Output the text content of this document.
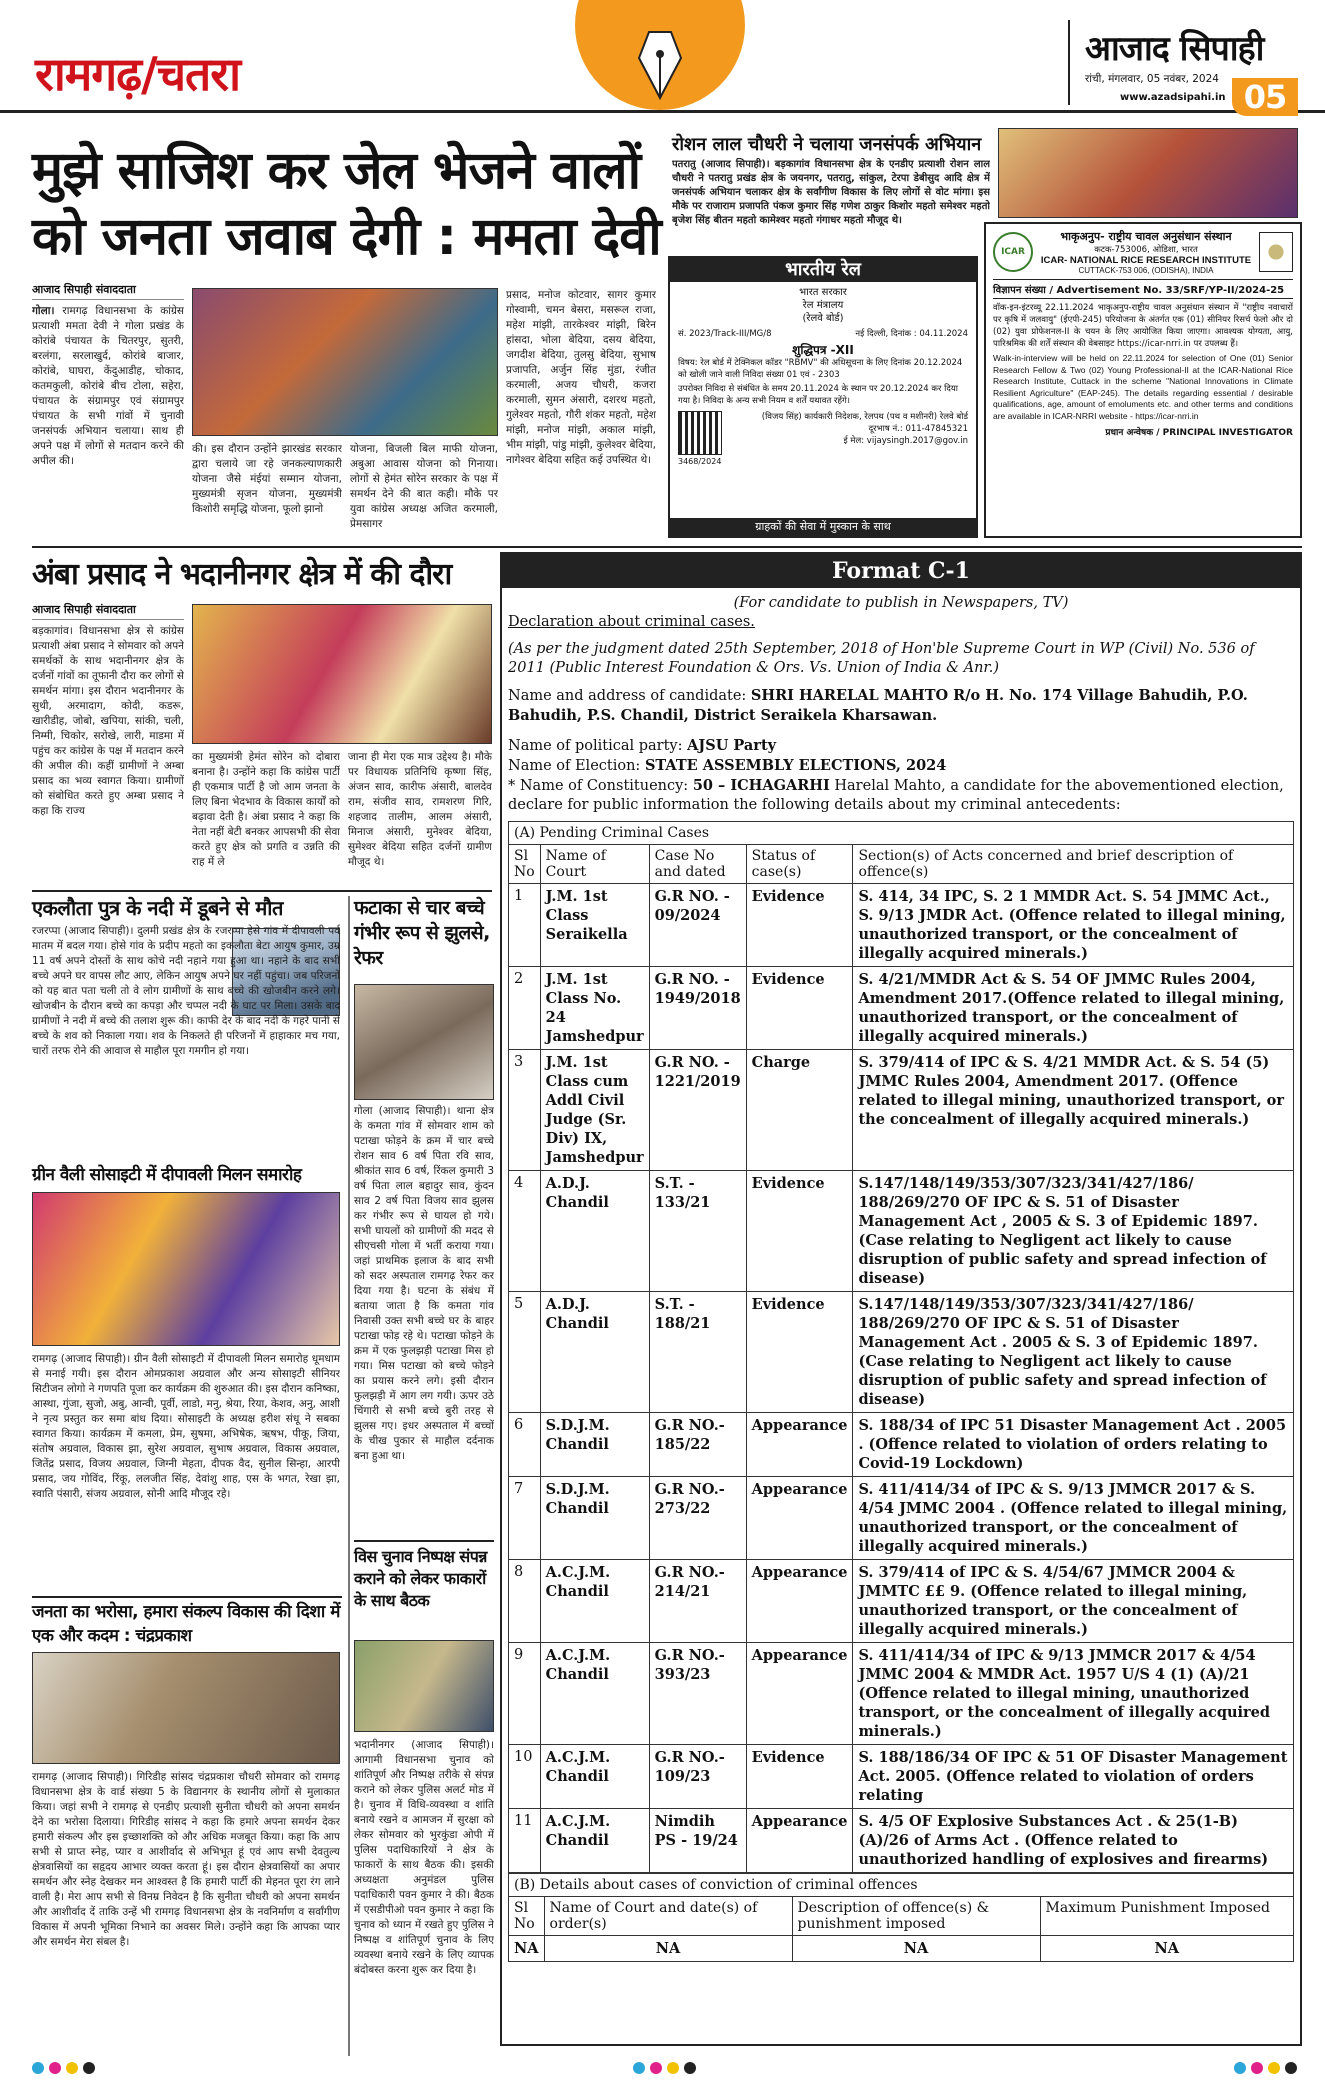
रामगढ़/चतरा	आजाद सिपाही
रांची, मंगलवार, 05 नवंबर, 2024
www.azadsipahi.in 05
मुझे साजिश कर जेल भेजने वालों को जनता जवाब देगी : ममता देवी
आजाद सिपाही संवाददाता
गोला। रामगढ़ विधानसभा के कांग्रेस प्रत्याशी ममता देवी ने गोला प्रखंड के कोरांबे पंचायत के चितरपुर, सुतरी, बरलंगा, सरलाखुर्द, कोरांबे बाजार, कोरांबे, घाघरा, केंदुआडीह, चोकाद, कतमकुली, कोरांबे बीच टोला, सहेरा, पंचायत के संग्रामपुर एवं संग्रामपुर पंचायत के सभी गांवों में चुनावी जनसंपर्क अभियान चलाया। साथ ही अपने पक्ष में लोगों से मतदान करने की अपील की।
की। इस दौरान उन्होंने झारखंड सरकार द्वारा चलाये जा रहे जनकल्याणकारी योजना जैसे मंईयां सम्मान योजना, मुख्यमंत्री सृजन योजना, मुख्यमंत्री किशोरी समृद्धि योजना, फूलो झानो
योजना, बिजली बिल माफी योजना, अबुआ आवास योजना को गिनाया। लोगों से हेमंत सोरेन सरकार के पक्ष में समर्थन देने की बात कही। मौके पर युवा कांग्रेस अध्यक्ष अजित करमाली, प्रेमसागर
प्रसाद, मनोज कोटवार, सागर कुमार गोस्वामी, चमन बेसरा, मसरूल राजा, महेश मांझी, तारकेश्वर मांझी, बिरेन हांसदा, भोला बेदिया, दसय बेदिया, जगदीश बेदिया, तुलसु बेदिया, सुभाष प्रजापति, अर्जुन सिंह मुंडा, रंजीत करमाली, अजय चौधरी, कजरा करमाली, सुमन अंसारी, दशरथ महतो, गुलेश्वर महतो, गौरी शंकर महतो, महेश मांझी, मनोज मांझी, अकाल मांझी, भीम मांझी, पांडु मांझी, कुलेश्वर बेदिया, नागेश्वर बेदिया सहित कई उपस्थित थे।
रोशन लाल चौधरी ने चलाया जनसंपर्क अभियान
पतरातु (आजाद सिपाही)। बड़कागांव विधानसभा क्षेत्र के एनडीए प्रत्याशी रोशन लाल चौधरी ने पतरातु प्रखंड क्षेत्र के जयनगर, पतरातु, सांकुल, टेरपा डेबीसुद आदि क्षेत्र में जनसंपर्क अभियान चलाकर क्षेत्र के सर्वांगीण विकास के लिए लोगों से वोट मांगा। इस मौके पर राजाराम प्रजापति पंकज कुमार सिंह गणेश ठाकुर किशोर महतो समेश्वर महतो बृजेश सिंह बीतन महतो कामेश्वर महतो गंगाधर महतो मौजूद थे।
भारतीय रेल
भारत सरकार
रेल मंत्रालय
(रेलवे बोर्ड)
सं. 2023/Track-III/MG/8	नई दिल्ली, दिनांक : 04.11.2024
शुद्धिपत्र -XII
विषय: रेल बोर्ड में टेक्निकल कॉडर "RBMV" की अधिसूचना के लिए दिनांक 20.12.2024 को खोली जाने वाली निविदा संख्या 01 एवं - 2303
उपरोक्त निविदा से संबंधित के समय 20.11.2024 के स्थान पर 20.12.2024 कर दिया गया है। निविदा के अन्य सभी नियम व शर्तें यथावत रहेंगे।
(विजय सिंह) कार्यकारी निदेशक, रेलपथ (पथ व मशीनरी) रेलवे बोर्ड
दूरभाष नं.: 011-47845321
ई मेल: vijaysingh.2017@gov.in
3468/2024
ग्राहकों की सेवा में मुस्कान के साथ
ICAR
भाकृअनुप- राष्ट्रीय चावल अनुसंधान संस्थान
कटक-753006, ओडिशा, भारत
ICAR- NATIONAL RICE RESEARCH INSTITUTE
CUTTACK-753 006, (ODISHA), INDIA
विज्ञापन संख्या / Advertisement No. 33/SRF/YP-II/2024-25
वॉक-इन-इंटरव्यू 22.11.2024 भाकृअनुप-राष्ट्रीय चावल अनुसंधान संस्थान में "राष्ट्रीय नवाचारों पर कृषि में जलवायु" (ईएपी-245) परियोजना के अंतर्गत एक (01) सीनियर रिसर्च फेलो और दो (02) युवा प्रोफेशनल-II के चयन के लिए आयोजित किया जाएगा। आवश्यक योग्यता, आयु, पारिश्रमिक की शर्तें संस्थान की वेबसाइट https://icar-nrri.in पर उपलब्ध हैं।
Walk-in-interview will be held on 22.11.2024 for selection of One (01) Senior Research Fellow & Two (02) Young Professional-II at the ICAR-National Rice Research Institute, Cuttack in the scheme "National Innovations in Climate Resilient Agriculture" (EAP-245). The details regarding essential / desirable qualifications, age, amount of emoluments etc. and other terms and conditions are available in ICAR-NRRI website - https://icar-nrri.in
प्रधान अन्वेषक / PRINCIPAL INVESTIGATOR
अंबा प्रसाद ने भदानीनगर क्षेत्र में की दौरा
आजाद सिपाही संवाददाता
बड़कागांव। विधानसभा क्षेत्र से कांग्रेस प्रत्याशी अंबा प्रसाद ने सोमवार को अपने समर्थकों के साथ भदानीनगर क्षेत्र के दर्जनों गांवों का तूफानी दौरा कर लोगों से समर्थन मांगा। इस दौरान भदानीनगर के सुथी, अरमादाग, कोदी, कडरू, खारीडीह, जोबो, खपिया, सांकी, चली, निम्मी, चिकोर, सरोखे, लारी, माडमा में पहुंच कर कांग्रेस के पक्ष में मतदान करने की अपील की। कहीं ग्रामीणों ने अम्बा प्रसाद का भव्य स्वागत किया। ग्रामीणों को संबोधित करते हुए अम्बा प्रसाद ने कहा कि राज्य
का मुख्यमंत्री हेमंत सोरेन को दोबारा बनाना है। उन्होंने कहा कि कांग्रेस पार्टी ही एकमात्र पार्टी है जो आम जनता के लिए बिना भेदभाव के विकास कार्यों को बढ़ावा देती है। अंबा प्रसाद ने कहा कि नेता नहीं बेटी बनकर आपसभी की सेवा करते हुए क्षेत्र को प्रगति व उन्नति की राह में ले
जाना ही मेरा एक मात्र उद्देश्य है। मौके पर विधायक प्रतिनिधि कृष्णा सिंह, अंजन साव, कारीफ अंसारी, बालदेव राम, संजीव साव, रामशरण गिरि, शहजाद तालीम, आलम अंसारी, मिनाज अंसारी, मुनेश्वर बेदिया, सुमेश्वर बेदिया सहित दर्जनों ग्रामीण मौजूद थे।
एकलौता पुत्र के नदी में डूबने से मौत
रजरप्पा (आजाद सिपाही)। दुलमी प्रखंड क्षेत्र के रजरप्पा हेसे गांव में दीपावली पर्व मातम में बदल गया। होसे गांव के प्रदीप महतो का इकलौता बेटा आयुष कुमार, उम्र 11 वर्ष अपने दोस्तों के साथ कोचे नदी नहाने गया हुआ था। नहाने के बाद सभी बच्चे अपने घर वापस लौट आए, लेकिन आयुष अपने घर नहीं पहुंचा। जब परिजनों को यह बात पता चली तो वे लोग ग्रामीणों के साथ बच्चे की खोजबीन करने लगे। खोजबीन के दौरान बच्चे का कपड़ा और चप्पल नदी के घाट पर मिला। उसके बाद ग्रामीणों ने नदी में बच्चे की तलाश शुरू की। काफी देर के बाद नदी के गहरे पानी से बच्चे के शव को निकाला गया। शव के निकलते ही परिजनों में हाहाकार मच गया, चारों तरफ रोने की आवाज से माहौल पूरा गमगीन हो गया।
ग्रीन वैली सोसाइटी में दीपावली मिलन समारोह
रामगढ़ (आजाद सिपाही)। ग्रीन वैली सोसाइटी में दीपावली मिलन समारोह धूमधाम से मनाई गयी। इस दौरान ओमप्रकाश अग्रवाल और अन्य सोसाइटी सीनियर सिटीजन लोगो ने गणपति पूजा कर कार्यक्रम की शुरुआत की। इस दौरान कनिष्का, आस्था, गुंजा, सुजो, अबु, आन्वी, पूर्वी, लाडो, मनु, श्रेया, रिया, केशव, अनु, आशी ने नृत्य प्रस्तुत कर समा बांध दिया। सोसाइटी के अध्यक्ष हरीश संधू ने सबका स्वागत किया। कार्यक्रम में कमला, प्रेम, सुषमा, अभिषेक, ऋषभ, पीकू, जिया, संतोष अग्रवाल, विकास झा, सुरेश अग्रवाल, सुभाष अग्रवाल, विकास अग्रवाल, जितेंद्र प्रसाद, विजय अग्रवाल, जिग्नी मेहता, दीपक वैद, सुनील सिन्हा, आरपी प्रसाद, जय गोविंद, रिंकू, ललजीत सिंह, देवांशु शाह, एस के भगत, रेखा झा, स्वाति पंसारी, संजय अग्रवाल, सोनी आदि मौजूद रहे।
जनता का भरोसा, हमारा संकल्प विकास की दिशा में एक और कदम : चंद्रप्रकाश
रामगढ़ (आजाद सिपाही)। गिरिडीह सांसद चंद्रप्रकाश चौधरी सोमवार को रामगढ़ विधानसभा क्षेत्र के वार्ड संख्या 5 के विद्यानगर के स्थानीय लोगों से मुलाकात किया। जहां सभी ने रामगढ़ से एनडीए प्रत्याशी सुनीता चौधरी को अपना समर्थन देने का भरोसा दिलाया। गिरिडीह सांसद ने कहा कि हमारे अपना समर्थन देकर हमारी संकल्प और इस इच्छाशक्ति को और अधिक मजबूत किया। कहा कि आप सभी से प्राप्त स्नेह, प्यार व आशीर्वाद से अभिभूत हूं एवं आप सभी देवतुल्य क्षेत्रवासियों का सहृदय आभार व्यक्त करता हूं। इस दौरान क्षेत्रवासियों का अपार समर्थन और स्नेह देखकर मन आश्वस्त है कि हमारी पार्टी की मेहनत पूरा रंग लाने वाली है। मेरा आप सभी से विनम्र निवेदन है कि सुनीता चौधरी को अपना समर्थन और आशीर्वाद दें ताकि उन्हें भी रामगढ़ विधानसभा क्षेत्र के नवनिर्माण व सर्वांगीण विकास में अपनी भूमिका निभाने का अवसर मिले। उन्होंने कहा कि आपका प्यार और समर्थन मेरा संबल है।
फटाका से चार बच्चे गंभीर रूप से झुलसे, रेफर
गोला (आजाद सिपाही)। थाना क्षेत्र के कमता गांव में सोमवार शाम को पटाखा फोड़ने के क्रम में चार बच्चे रोशन साव 6 वर्ष पिता रवि साव, श्रीकांत साव 6 वर्ष, रिंकल कुमारी 3 वर्ष पिता लाल बहादुर साव, कुंदन साव 2 वर्ष पिता विजय साव झुलस कर गंभीर रूप से घायल हो गये। सभी घायलों को ग्रामीणों की मदद से सीएचसी गोला में भर्ती कराया गया। जहां प्राथमिक इलाज के बाद सभी को सदर अस्पताल रामगढ़ रेफर कर दिया गया है। घटना के संबंध में बताया जाता है कि कमता गांव निवासी उक्त सभी बच्चे घर के बाहर पटाखा फोड़ रहे थे। पटाखा फोड़ने के क्रम में एक फुलझड़ी पटाखा मिस हो गया। मिस पटाखा को बच्चे फोड़ने का प्रयास करने लगे। इसी दौरान फुलझड़ी में आग लग गयी। ऊपर उठे चिंगारी से सभी बच्चे बुरी तरह से झुलस गए। इधर अस्पताल में बच्चों के चीख पुकार से माहौल दर्दनाक बना हुआ था।
विस चुनाव निष्पक्ष संपन्न कराने को लेकर फाकारों के साथ बैठक
भदानीनगर (आजाद सिपाही)। आगामी विधानसभा चुनाव को शांतिपूर्ण और निष्पक्ष तरीके से संपन्न कराने को लेकर पुलिस अलर्ट मोड में है। चुनाव में विधि-व्यवस्था व शांति बनाये रखने व आमजन में सुरक्षा को लेकर सोमवार को भुरकुंडा ओपी में पुलिस पदाधिकारियों ने क्षेत्र के फाकारों के साथ बैठक की। इसकी अध्यक्षता अनुमंडल पुलिस पदाधिकारी पवन कुमार ने की। बैठक में एसडीपीओ पवन कुमार ने कहा कि चुनाव को ध्यान में रखते हुए पुलिस ने निष्पक्ष व शांतिपूर्ण चुनाव के लिए व्यवस्था बनाये रखने के लिए व्यापक बंदोबस्त करना शुरू कर दिया है।
Format C-1
(For candidate to publish in Newspapers, TV)
Declaration about criminal cases.
(As per the judgment dated 25th September, 2018 of Hon'ble Supreme Court in WP (Civil) No. 536 of 2011 (Public Interest Foundation & Ors. Vs. Union of India & Anr.)
Name and address of candidate: SHRI HARELAL MAHTO R/o H. No. 174 Village Bahudih, P.O. Bahudih, P.S. Chandil, District Seraikela Kharsawan.
Name of political party: AJSU Party
Name of Election: STATE ASSEMBLY ELECTIONS, 2024
* Name of Constituency: 50 – ICHAGARHI Harelal Mahto, a candidate for the abovementioned election, declare for public information the following details about my criminal antecedents:
(A) Pending Criminal Cases				
Sl No	Name of Court	Case No and dated	Status of case(s)	Section(s) of Acts concerned and brief description of offence(s)
1	J.M. 1st Class Seraikella	G.R NO. - 09/2024	Evidence	S. 414, 34 IPC, S. 2 1 MMDR Act. S. 54 JMMC Act., S. 9/13 JMDR Act. (Offence related to illegal mining, unauthorized transport, or the concealment of illegally acquired minerals.)
2	J.M. 1st Class No. 24 Jamshedpur	G.R NO. - 1949/2018	Evidence	S. 4/21/MMDR Act & S. 54 OF JMMC Rules 2004, Amendment 2017.(Offence related to illegal mining, unauthorized transport, or the concealment of illegally acquired minerals.)
3	J.M. 1st Class cum Addl Civil Judge (Sr. Div) IX, Jamshedpur	G.R NO. - 1221/2019	Charge	S. 379/414 of IPC & S. 4/21 MMDR Act. & S. 54 (5) JMMC Rules 2004, Amendment 2017. (Offence related to illegal mining, unauthorized transport, or the concealment of illegally acquired minerals.)
4	A.D.J. Chandil	S.T. - 133/21	Evidence	S.147/148/149/353/307/323/341/427/186/ 188/269/270 OF IPC & S. 51 of Disaster Management Act , 2005 & S. 3 of Epidemic 1897. (Case relating to Negligent act likely to cause disruption of public safety and spread infection of disease)
5	A.D.J. Chandil	S.T. - 188/21	Evidence	S.147/148/149/353/307/323/341/427/186/ 188/269/270 OF IPC & S. 51 of Disaster Management Act . 2005 & S. 3 of Epidemic 1897. (Case relating to Negligent act likely to cause disruption of public safety and spread infection of disease)
6	S.D.J.M. Chandil	G.R NO.- 185/22	Appearance	S. 188/34 of IPC 51 Disaster Management Act . 2005 . (Offence related to violation of orders relating to Covid-19 Lockdown)
7	S.D.J.M. Chandil	G.R NO.- 273/22	Appearance	S. 411/414/34 of IPC & S. 9/13 JMMCR 2017 & S. 4/54 JMMC 2004 . (Offence related to illegal mining, unauthorized transport, or the concealment of illegally acquired minerals.)
8	A.C.J.M. Chandil	G.R NO.- 214/21	Appearance	S. 379/414 of IPC & S. 4/54/67 JMMCR 2004 & JMMTC ££ 9. (Offence related to illegal mining, unauthorized transport, or the concealment of illegally acquired minerals.)
9	A.C.J.M. Chandil	G.R NO.- 393/23	Appearance	S. 411/414/34 of IPC & 9/13 JMMCR 2017 & 4/54 JMMC 2004 & MMDR Act. 1957 U/S 4 (1) (A)/21 (Offence related to illegal mining, unauthorized transport, or the concealment of illegally acquired minerals.)
10	A.C.J.M. Chandil	G.R NO.- 109/23	Evidence	S. 188/186/34 OF IPC & 51 OF Disaster Management Act. 2005. (Offence related to violation of orders relating
11	A.C.J.M. Chandil	Nimdih PS - 19/24	Appearance	S. 4/5 OF Explosive Substances Act . & 25(1-B) (A)/26 of Arms Act . (Offence related to unauthorized handling of explosives and firearms)
(B) Details about cases of conviction of criminal offences			
Sl No	Name of Court and date(s) of order(s)	Description of offence(s) & punishment imposed	Maximum Punishment Imposed
NA	NA	NA	NA
